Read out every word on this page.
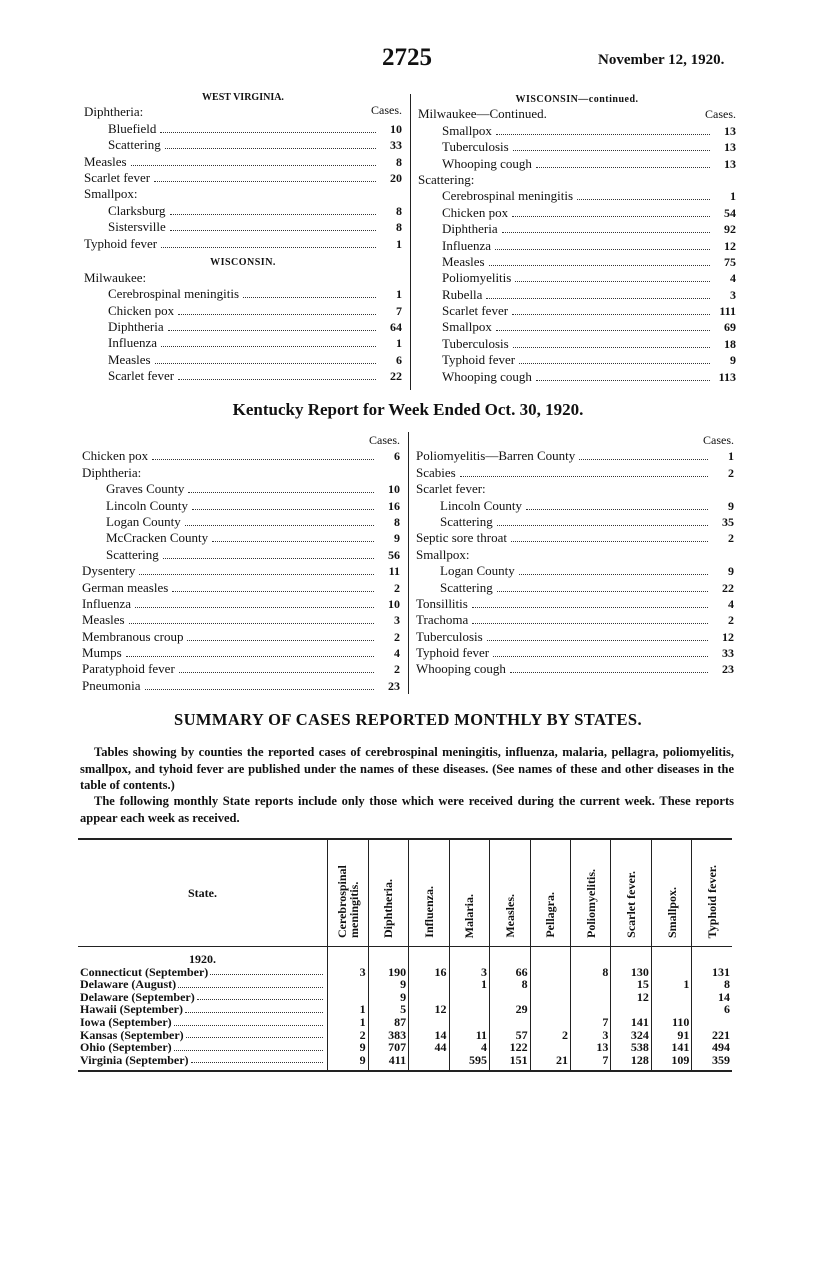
2725	November 12, 1920.
WEST VIRGINIA.
Cases.
Diphtheria:
Bluefield	10
Scattering	33
Measles	8
Scarlet fever	20
Smallpox:
Clarksburg	8
Sistersville	8
Typhoid fever	1
WISCONSIN.
Milwaukee:
Cerebrospinal meningitis	1
Chicken pox	7
Diphtheria	64
Influenza	1
Measles	6
Scarlet fever	22
WISCONSIN—continued.
Milwaukee—Continued.	Cases.
Smallpox	13
Tuberculosis	13
Whooping cough	13
Scattering:
Cerebrospinal meningitis	1
Chicken pox	54
Diphtheria	92
Influenza	12
Measles	75
Poliomyelitis	4
Rubella	3
Scarlet fever	111
Smallpox	69
Tuberculosis	18
Typhoid fever	9
Whooping cough	113
Kentucky Report for Week Ended Oct. 30, 1920.
Cases.
Chicken pox	6
Diphtheria:
Graves County	10
Lincoln County	16
Logan County	8
McCracken County	9
Scattering	56
Dysentery	11
German measles	2
Influenza	10
Measles	3
Membranous croup	2
Mumps	4
Paratyphoid fever	2
Pneumonia	23
Cases.
Poliomyelitis—Barren County	1
Scabies	2
Scarlet fever:
Lincoln County	9
Scattering	35
Septic sore throat	2
Smallpox:
Logan County	9
Scattering	22
Tonsillitis	4
Trachoma	2
Tuberculosis	12
Typhoid fever	33
Whooping cough	23
SUMMARY OF CASES REPORTED MONTHLY BY STATES.
Tables showing by counties the reported cases of cerebrospinal meningitis, influenza, malaria, pellagra, poliomyelitis, smallpox, and tyhoid fever are published under the names of these diseases. (See names of these and other diseases in the table of contents.)
The following monthly State reports include only those which were received during the current week. These reports appear each week as received.
State.	Cerebrospinal meningitis.	Diphtheria.	Influenza.	Malaria.	Measles.	Pellagra.	Poliomyelitis.	Scarlet fever.	Smallpox.	Typhoid fever.
1920.										

Connecticut (September)	3	190	16	3	66		8	130		131

Delaware (August)		9		1	8			15	1	8

Delaware (September)		9						12		14

Hawaii (September)	1	5	12		29					6

Iowa (September)	1	87					7	141	110	

Kansas (September)	2	383	14	11	57	2	3	324	91	221

Ohio (September)	9	707	44	4	122		13	538	141	494

Virginia (September)	9	411		595	151	21	7	128	109	359
